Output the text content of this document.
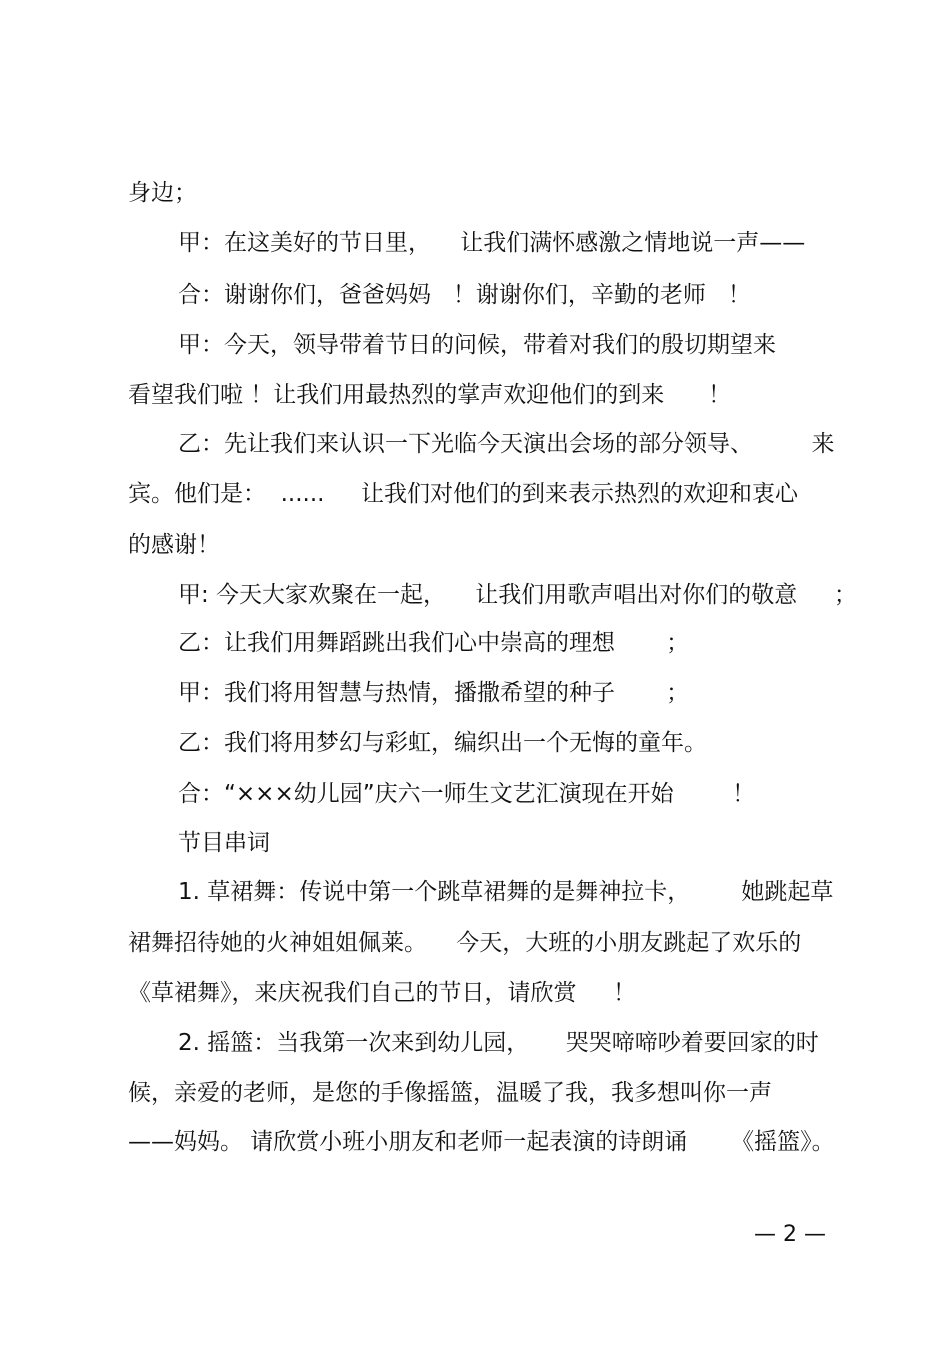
身边；
甲：在这美好的节日里，    让我们满怀感激之情地说一声——
合：谢谢你们，爸爸妈妈   ！谢谢你们，辛勤的老师   ！
甲：今天，领导带着节日的问候，带着对我们的殷切期望来
看望我们啦 ！让我们用最热烈的掌声欢迎他们的到来      ！
乙：先让我们来认识一下光临今天演出会场的部分领导、        来
宾。他们是：  ......     让我们对他们的到来表示热烈的欢迎和衷心
的感谢！
甲: 今天大家欢聚在一起，    让我们用歌声唱出对你们的敬意     ；
乙：让我们用舞蹈跳出我们心中崇高的理想       ；
甲：我们将用智慧与热情，播撒希望的种子       ；
乙：我们将用梦幻与彩虹，编织出一个无悔的童年。
合：“×××幼儿园”庆六一师生文艺汇演现在开始        ！
节目串词
1. 草裙舞：传说中第一个跳草裙舞的是舞神拉卡，       她跳起草
裙舞招待她的火神姐姐佩莱。    今天，大班的小朋友跳起了欢乐的
《草裙舞》，来庆祝我们自己的节日，请欣赏     ！
2. 摇篮：当我第一次来到幼儿园，     哭哭啼啼吵着要回家的时
候，亲爱的老师，是您的手像摇篮，温暖了我，我多想叫你一声
——妈妈。 请欣赏小班小朋友和老师一起表演的诗朗诵      《摇篮》。
— 2 —
